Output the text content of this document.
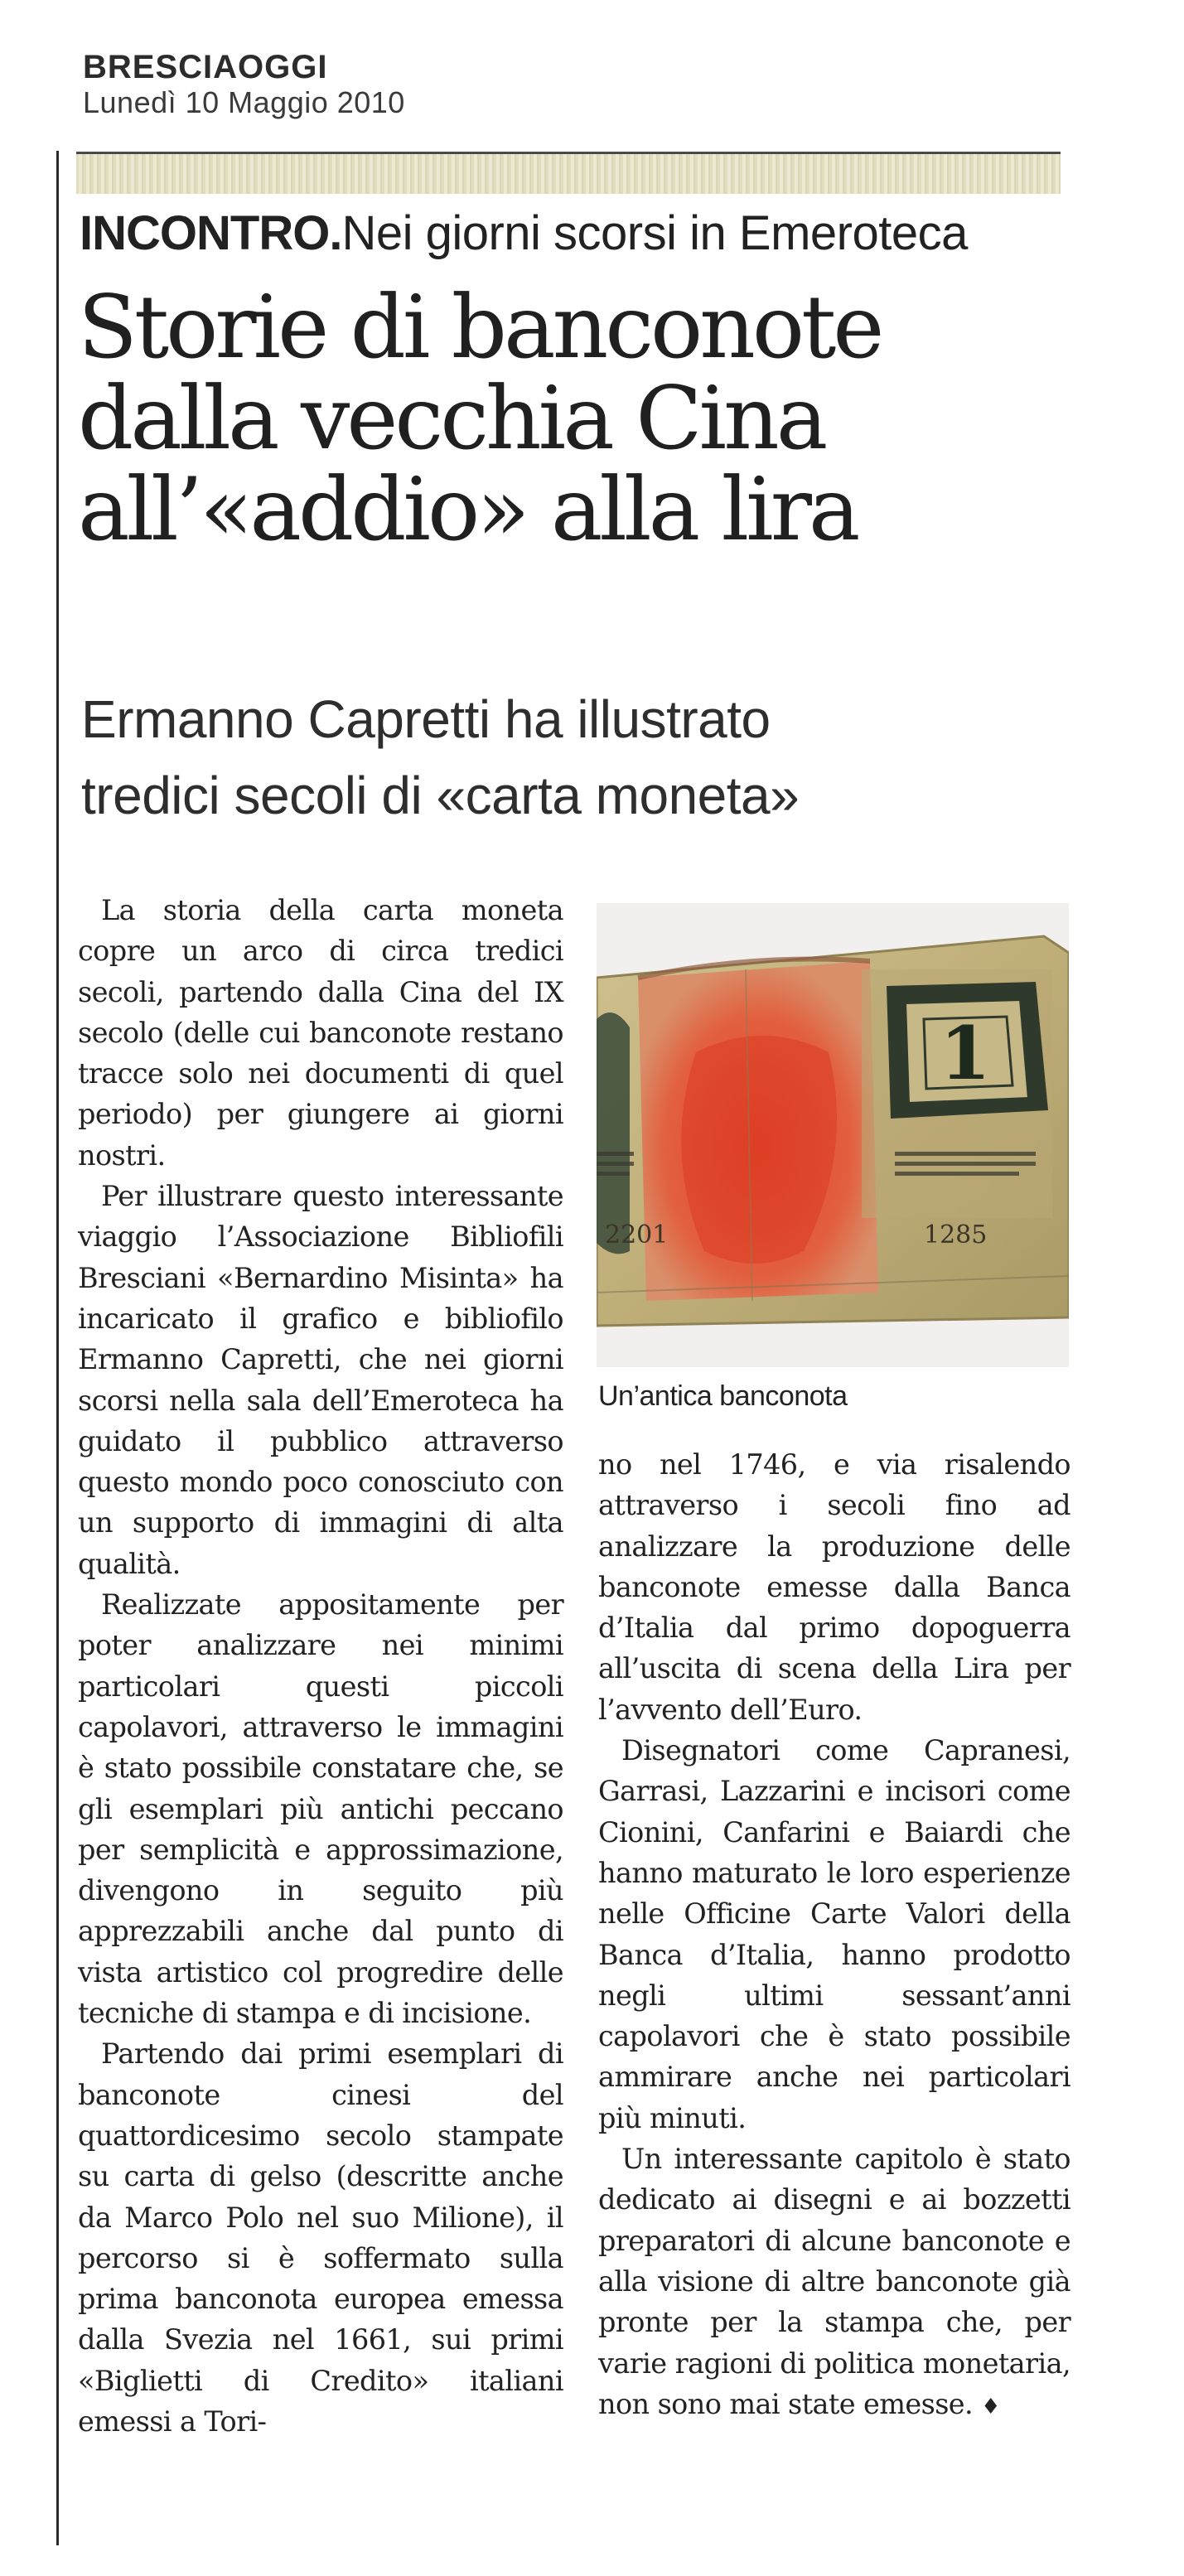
BRESCIAOGGI
Lunedì 10 Maggio 2010
INCONTRO.Nei giorni scorsi in Emeroteca
Storie di banconote
dalla vecchia Cina
all’«addio» alla lira
Ermanno Capretti ha illustrato
tredici secoli di «carta moneta»

La storia della carta moneta copre un arco di circa tredici secoli, partendo dalla Cina del IX secolo (delle cui banconote restano tracce solo nei documenti di quel periodo) per giungere ai giorni nostri.

Per illustrare questo interessante viaggio l’Associazione Bibliofili Bresciani «Bernardino Misinta» ha incaricato il grafico e bibliofilo Ermanno Capretti, che nei giorni scorsi nella sala dell’Emeroteca ha guidato il pubblico attraverso questo mondo poco conosciuto con un supporto di immagini di alta qualità.

Realizzate appositamente per poter analizzare nei minimi particolari questi piccoli capolavori, attraverso le immagini è stato possibile constatare che, se gli esemplari più antichi peccano per semplicità e approssimazione, divengono in seguito più apprezzabili anche dal punto di vista artistico col progredire delle tecniche di stampa e di incisione.

Partendo dai primi esemplari di banconote cinesi del quattordicesimo secolo stampate su carta di gelso (descritte anche da Marco Polo nel suo Milione), il percorso si è soffermato sulla prima banconota europea emessa dalla Svezia nel 1661, sui primi «Biglietti di Credito» italiani emessi a Tori-

1
2201	1285
Un’antica banconota

no nel 1746, e via risalendo attraverso i secoli fino ad analizzare la produzione delle banconote emesse dalla Banca d’Italia dal primo dopoguerra all’uscita di scena della Lira per l’avvento dell’Euro.

Disegnatori come Capranesi, Garrasi, Lazzarini e incisori come Cionini, Canfarini e Baiardi che hanno maturato le loro esperienze nelle Officine Carte Valori della Banca d’Italia, hanno prodotto negli ultimi sessant’anni capolavori che è stato possibile ammirare anche nei particolari più minuti.

Un interessante capitolo è stato dedicato ai disegni e ai bozzetti preparatori di alcune banconote e alla visione di altre banconote già pronte per la stampa che, per varie ragioni di politica monetaria, non sono mai state emesse. ♦
